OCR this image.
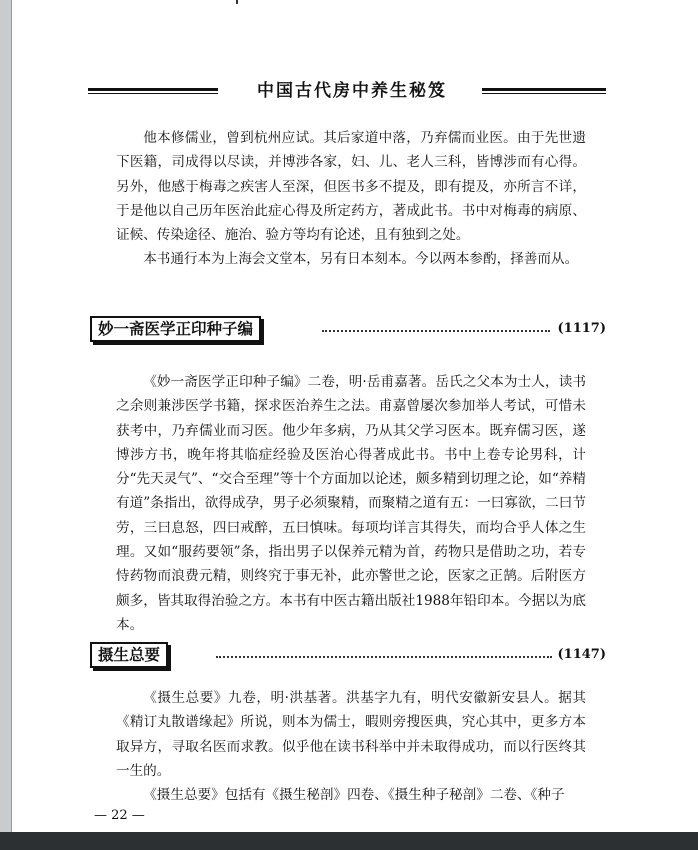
中国古代房中养生秘笈

他本修儒业，曾到杭州应试。其后家道中落，乃弃儒而业医。由于先世遗下医籍，司成得以尽读，并博涉各家，妇、儿、老人三科，皆博涉而有心得。另外，他感于梅毒之疾害人至深，但医书多不提及，即有提及，亦所言不详，于是他以自己历年医治此症心得及所定药方，著成此书。书中对梅毒的病原、证候、传染途径、施治、验方等均有论述，且有独到之处。

本书通行本为上海会文堂本，另有日本刻本。今以两本参酌，择善而从。

妙一斋医学正印种子编	(1117)

《妙一斋医学正印种子编》二卷，明·岳甫嘉著。岳氏之父本为士人，读书之余则兼涉医学书籍，探求医治养生之法。甫嘉曾屡次参加举人考试，可惜未获考中，乃弃儒业而习医。他少年多病，乃从其父学习医本。既弃儒习医，遂博涉方书，晚年将其临症经验及医治心得著成此书。书中上卷专论男科，计分“先天灵气”、“交合至理”等十个方面加以论述，颇多精到切理之论，如“养精有道”条指出，欲得成孕，男子必须聚精，而聚精之道有五：一曰寡欲，二曰节劳，三曰息怒，四曰戒醉，五曰慎味。每项均详言其得失，而均合乎人体之生理。又如“服药要领”条，指出男子以保养元精为首，药物只是借助之功，若专恃药物而浪费元精，则终究于事无补，此亦警世之论，医家之正鹄。后附医方颇多，皆其取得治验之方。本书有中医古籍出版社1988年铅印本。今据以为底本。

摄生总要	(1147)

《摄生总要》九卷，明·洪基著。洪基字九有，明代安徽新安县人。据其《精订丸散谱缘起》所说，则本为儒士，暇则旁搜医典，究心其中，更多方本取异方，寻取名医而求教。似乎他在读书科举中并未取得成功，而以行医终其一生的。

《摄生总要》包括有《摄生秘剖》四卷、《摄生种子秘剖》二卷、《种子

— 22 —
